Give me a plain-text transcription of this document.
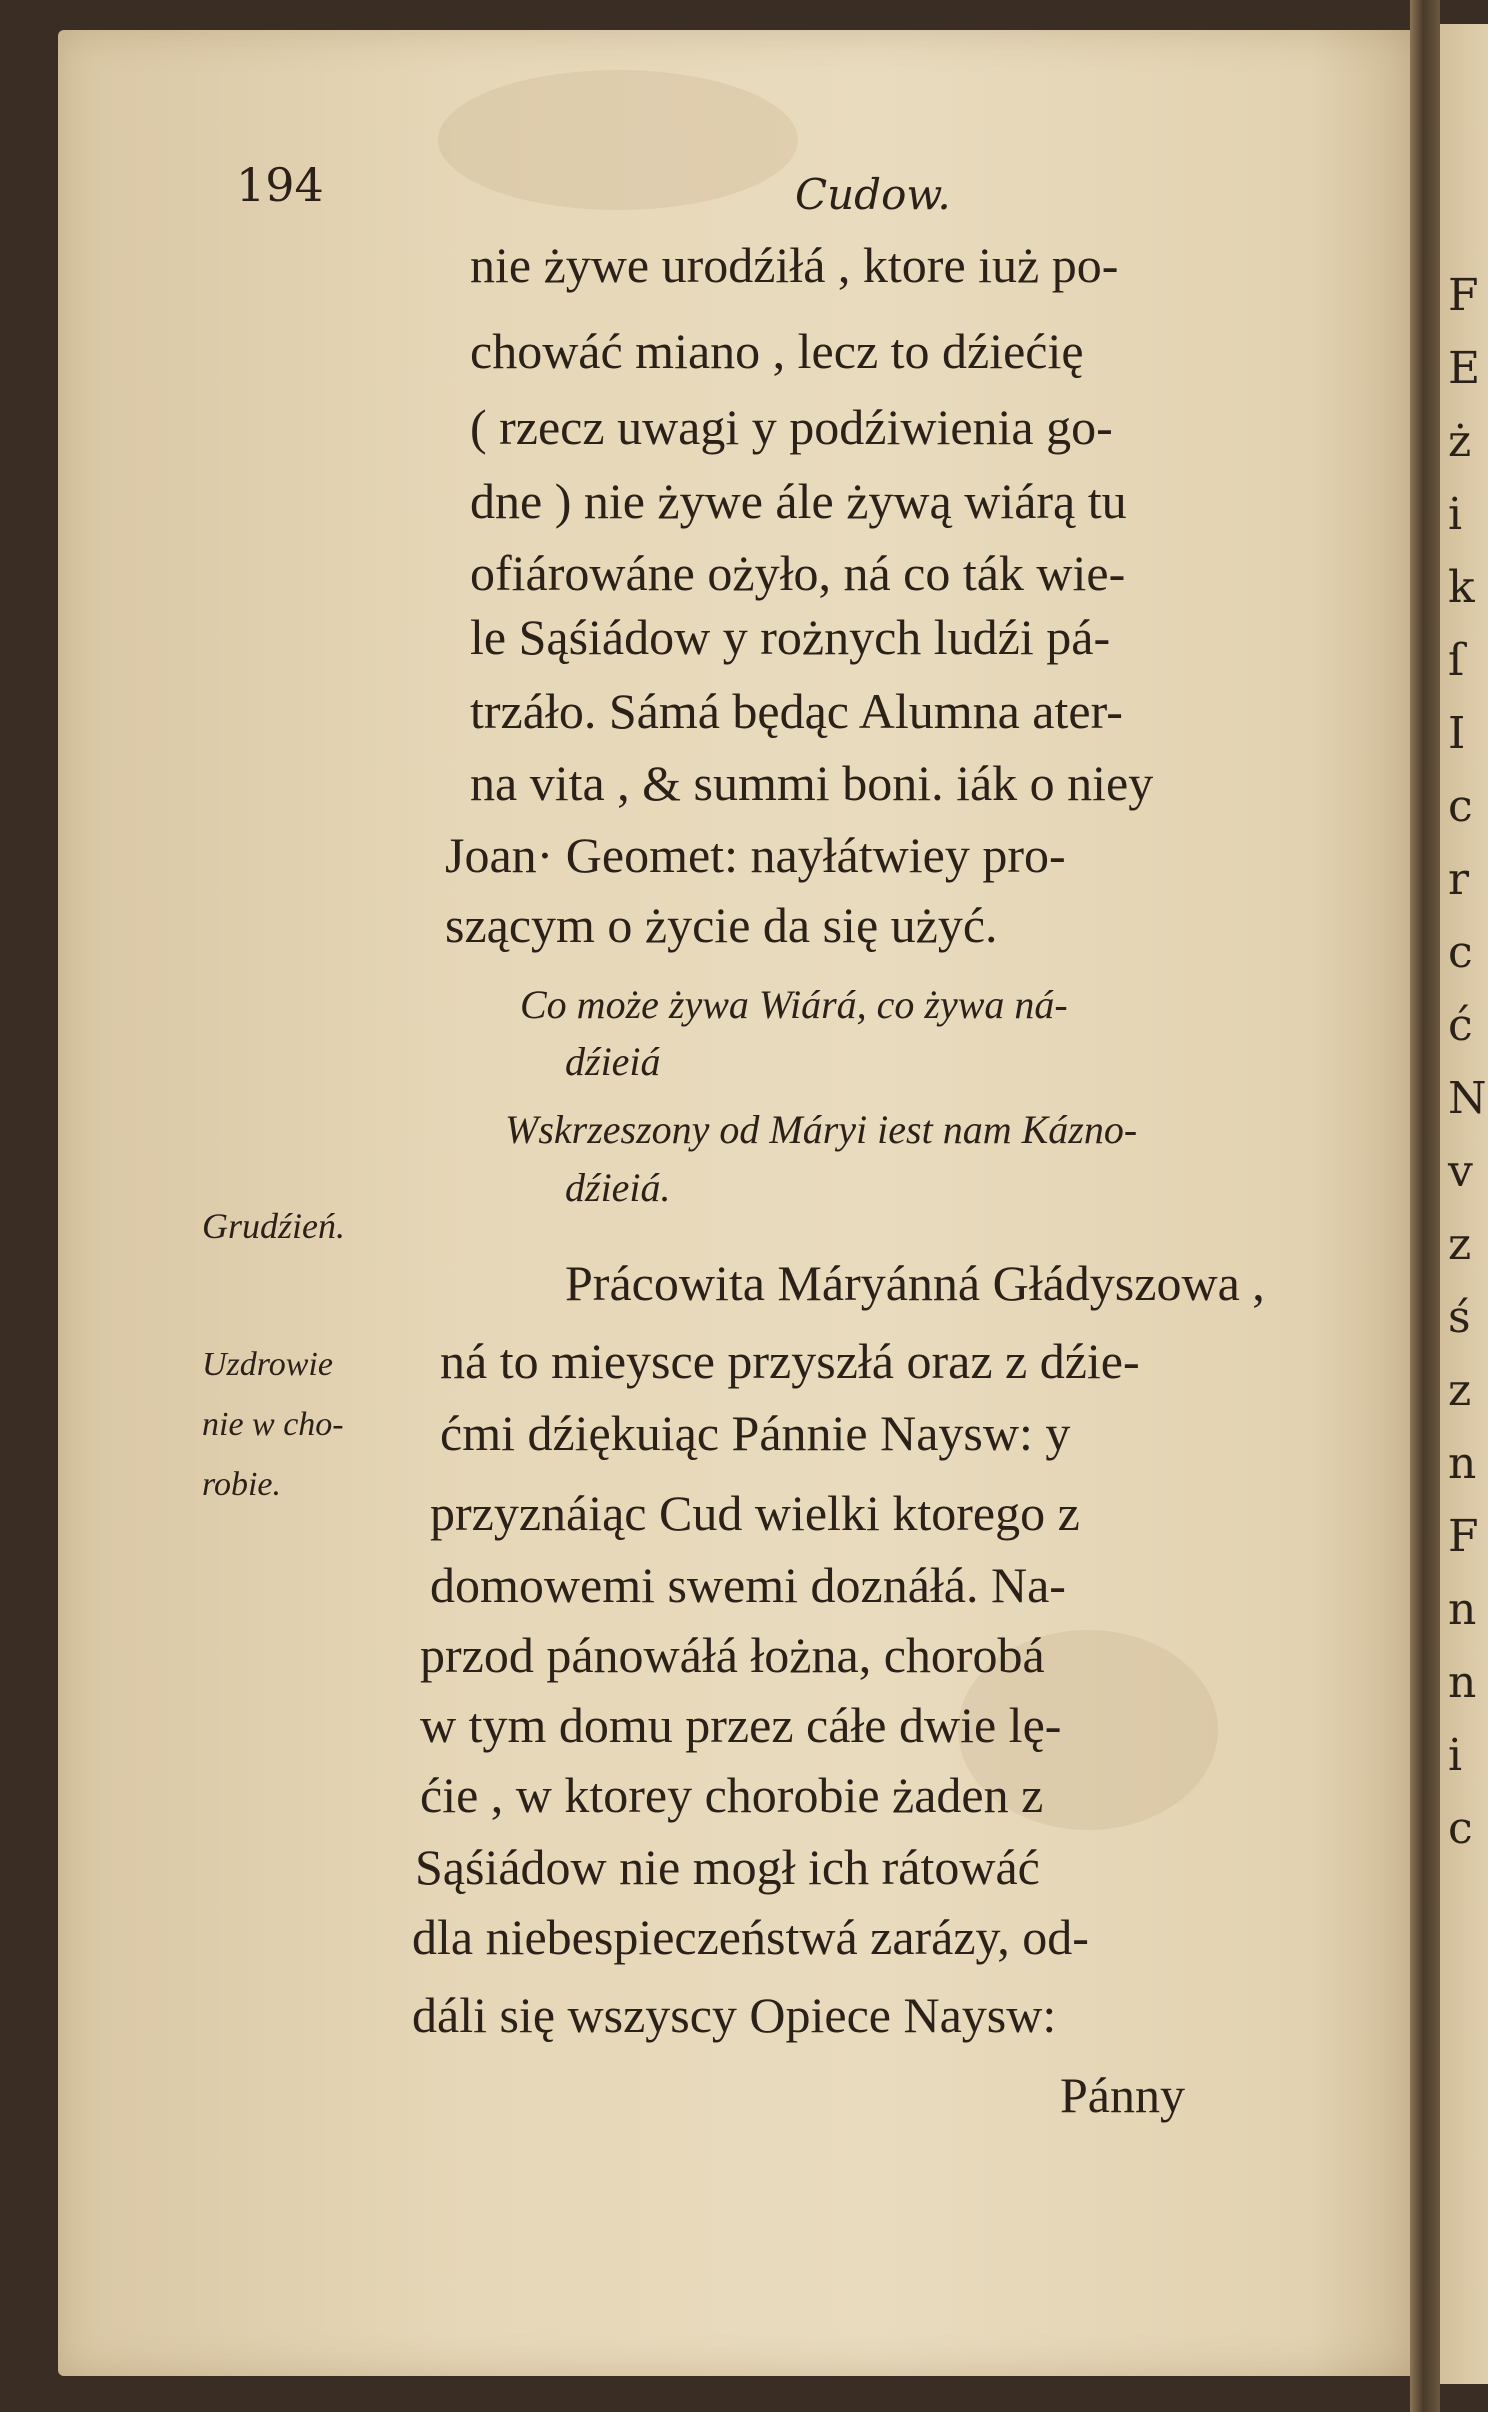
F
E
ż
i
k
ſ
I
c
r
c
ć
N
v
z
ś
z
n
F
n
n
i
c
194	Cudow.
nie żywe urodźiłá , ktore iuż po-
chowáć miano , lecz to dźiećię
( rzecz uwagi y podźiwienia go-
dne ) nie żywe ále żywą wiárą tu
ofiárowáne ożyło, ná co ták wie-
le Sąśiádow y rożnych ludźi pá-
trzáło. Sámá będąc Alumna ater-
na vita , & summi boni. iák o niey
Joan· Geomet: nayłátwiey pro-
szącym o życie da się użyć.
Co może żywa Wiárá, co żywa ná-
dźieiá
Wskrzeszony od Máryi iest nam Kázno-
dźieiá.
Grudźień.
Uzdrowie
nie w cho-
robie.
Prácowita Máryánná Głádyszowa ,
ná to mieysce przyszłá oraz z dźie-
ćmi dźiękuiąc Pánnie Naysw: y
przyznáiąc Cud wielki ktorego z
domowemi swemi doznáłá. Na-
przod pánowáłá łożna, chorobá
w tym domu przez cáłe dwie lę-
ćie , w ktorey chorobie żaden z
Sąśiádow nie mogł ich rátowáć
dla niebespieczeństwá zarázy, od-
dáli się wszyscy Opiece Naysw:
Pánny
